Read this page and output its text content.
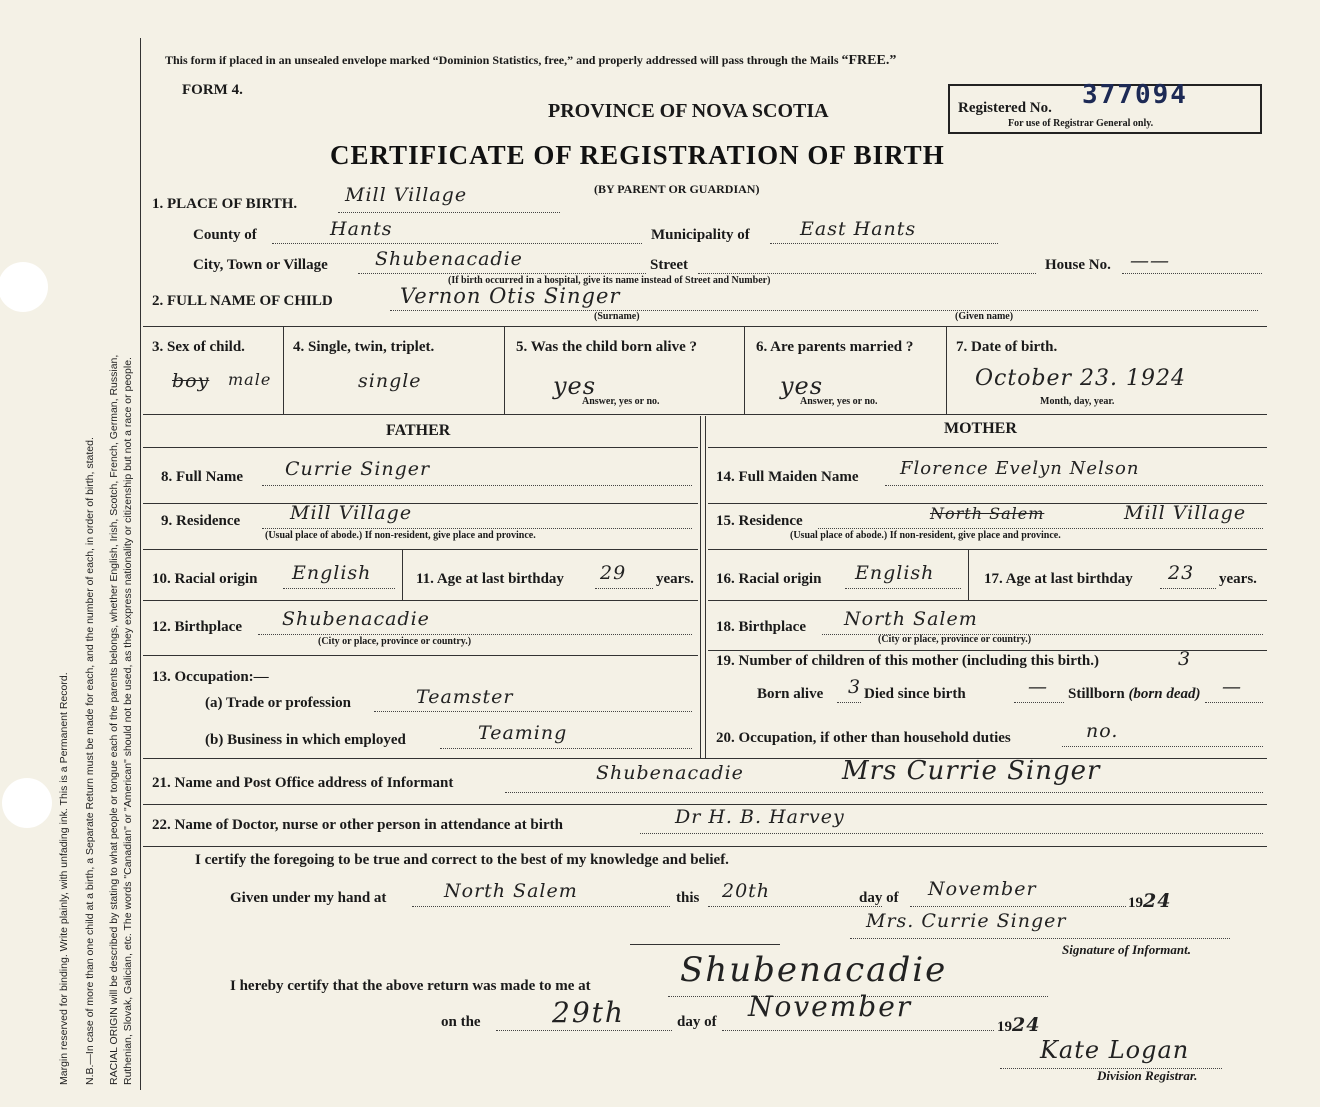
Margin reserved for binding. Write plainly, with unfading ink. This is a Permanent Record. N.B.—In case of more than one child at a birth, a Separate Return must be made for each, and the number of each, in order of birth, stated. RACIAL ORIGIN will be described by stating to what people or tongue each of the parents belongs, whether English, Irish, Scotch, French, German, Russian, Ruthenian, Slovak, Galician, etc. The words "Canadian" or "American" should not be used, as they express nationality or citizenship but not a race or people.
This form if placed in an unsealed envelope marked “Dominion Statistics, free,” and properly addressed will pass through the Mails “FREE.”
FORM 4.
PROVINCE OF NOVA SCOTIA	Registered No. 377094
For use of Registrar General only.
CERTIFICATE OF REGISTRATION OF BIRTH
(BY PARENT OR GUARDIAN)
1. PLACE OF BIRTH.	Mill Village
County of	Hants	Municipality of	East Hants
City, Town or Village Shubenacadie	Street	House No. ——
(If birth occurred in a hospital, give its name instead of Street and Number)
2. FULL NAME OF CHILD	Vernon Otis Singer
(Surname)	(Given name)
3. Sex of child.
boy male
4. Single, twin, triplet.
single
5. Was the child born alive ?
yes
Answer, yes or no.
6. Are parents married ?
yes
Answer, yes or no.
7. Date of birth.
October 23. 1924
Month, day, year.
FATHER	MOTHER
8. Full Name Currie Singer
9. Residence	Mill Village
(Usual place of abode.) If non-resident, give place and province.
10. Racial origin English	11. Age at last birthday 29 years.
12. Birthplace Shubenacadie
(City or place, province or country.)
13. Occupation:—
(a) Trade or profession	Teamster
(b) Business in which employed	Teaming
14. Full Maiden Name Florence Evelyn Nelson
15. Residence	North Salem	Mill Village
(Usual place of abode.) If non-resident, give place and province.
16. Racial origin English	17. Age at last birthday 23 years.
18. Birthplace North Salem
(City or place, province or country.)
19. Number of children of this mother (including this birth.)	3
Born alive 3 Died since birth	— Stillborn (born dead) —
20. Occupation, if other than household duties	no.
21. Name and Post Office address of Informant	Shubenacadie	Mrs Currie Singer
22. Name of Doctor, nurse or other person in attendance at birth	Dr H. B. Harvey
I certify the foregoing to be true and correct to the best of my knowledge and belief.
Given under my hand at	North Salem	this 20th	day of November
1924
Mrs. Currie Singer
Signature of Informant.
I hereby certify that the above return was made to me at	Shubenacadie
on the	29th	day of November
1924
Kate Logan
Division Registrar.
